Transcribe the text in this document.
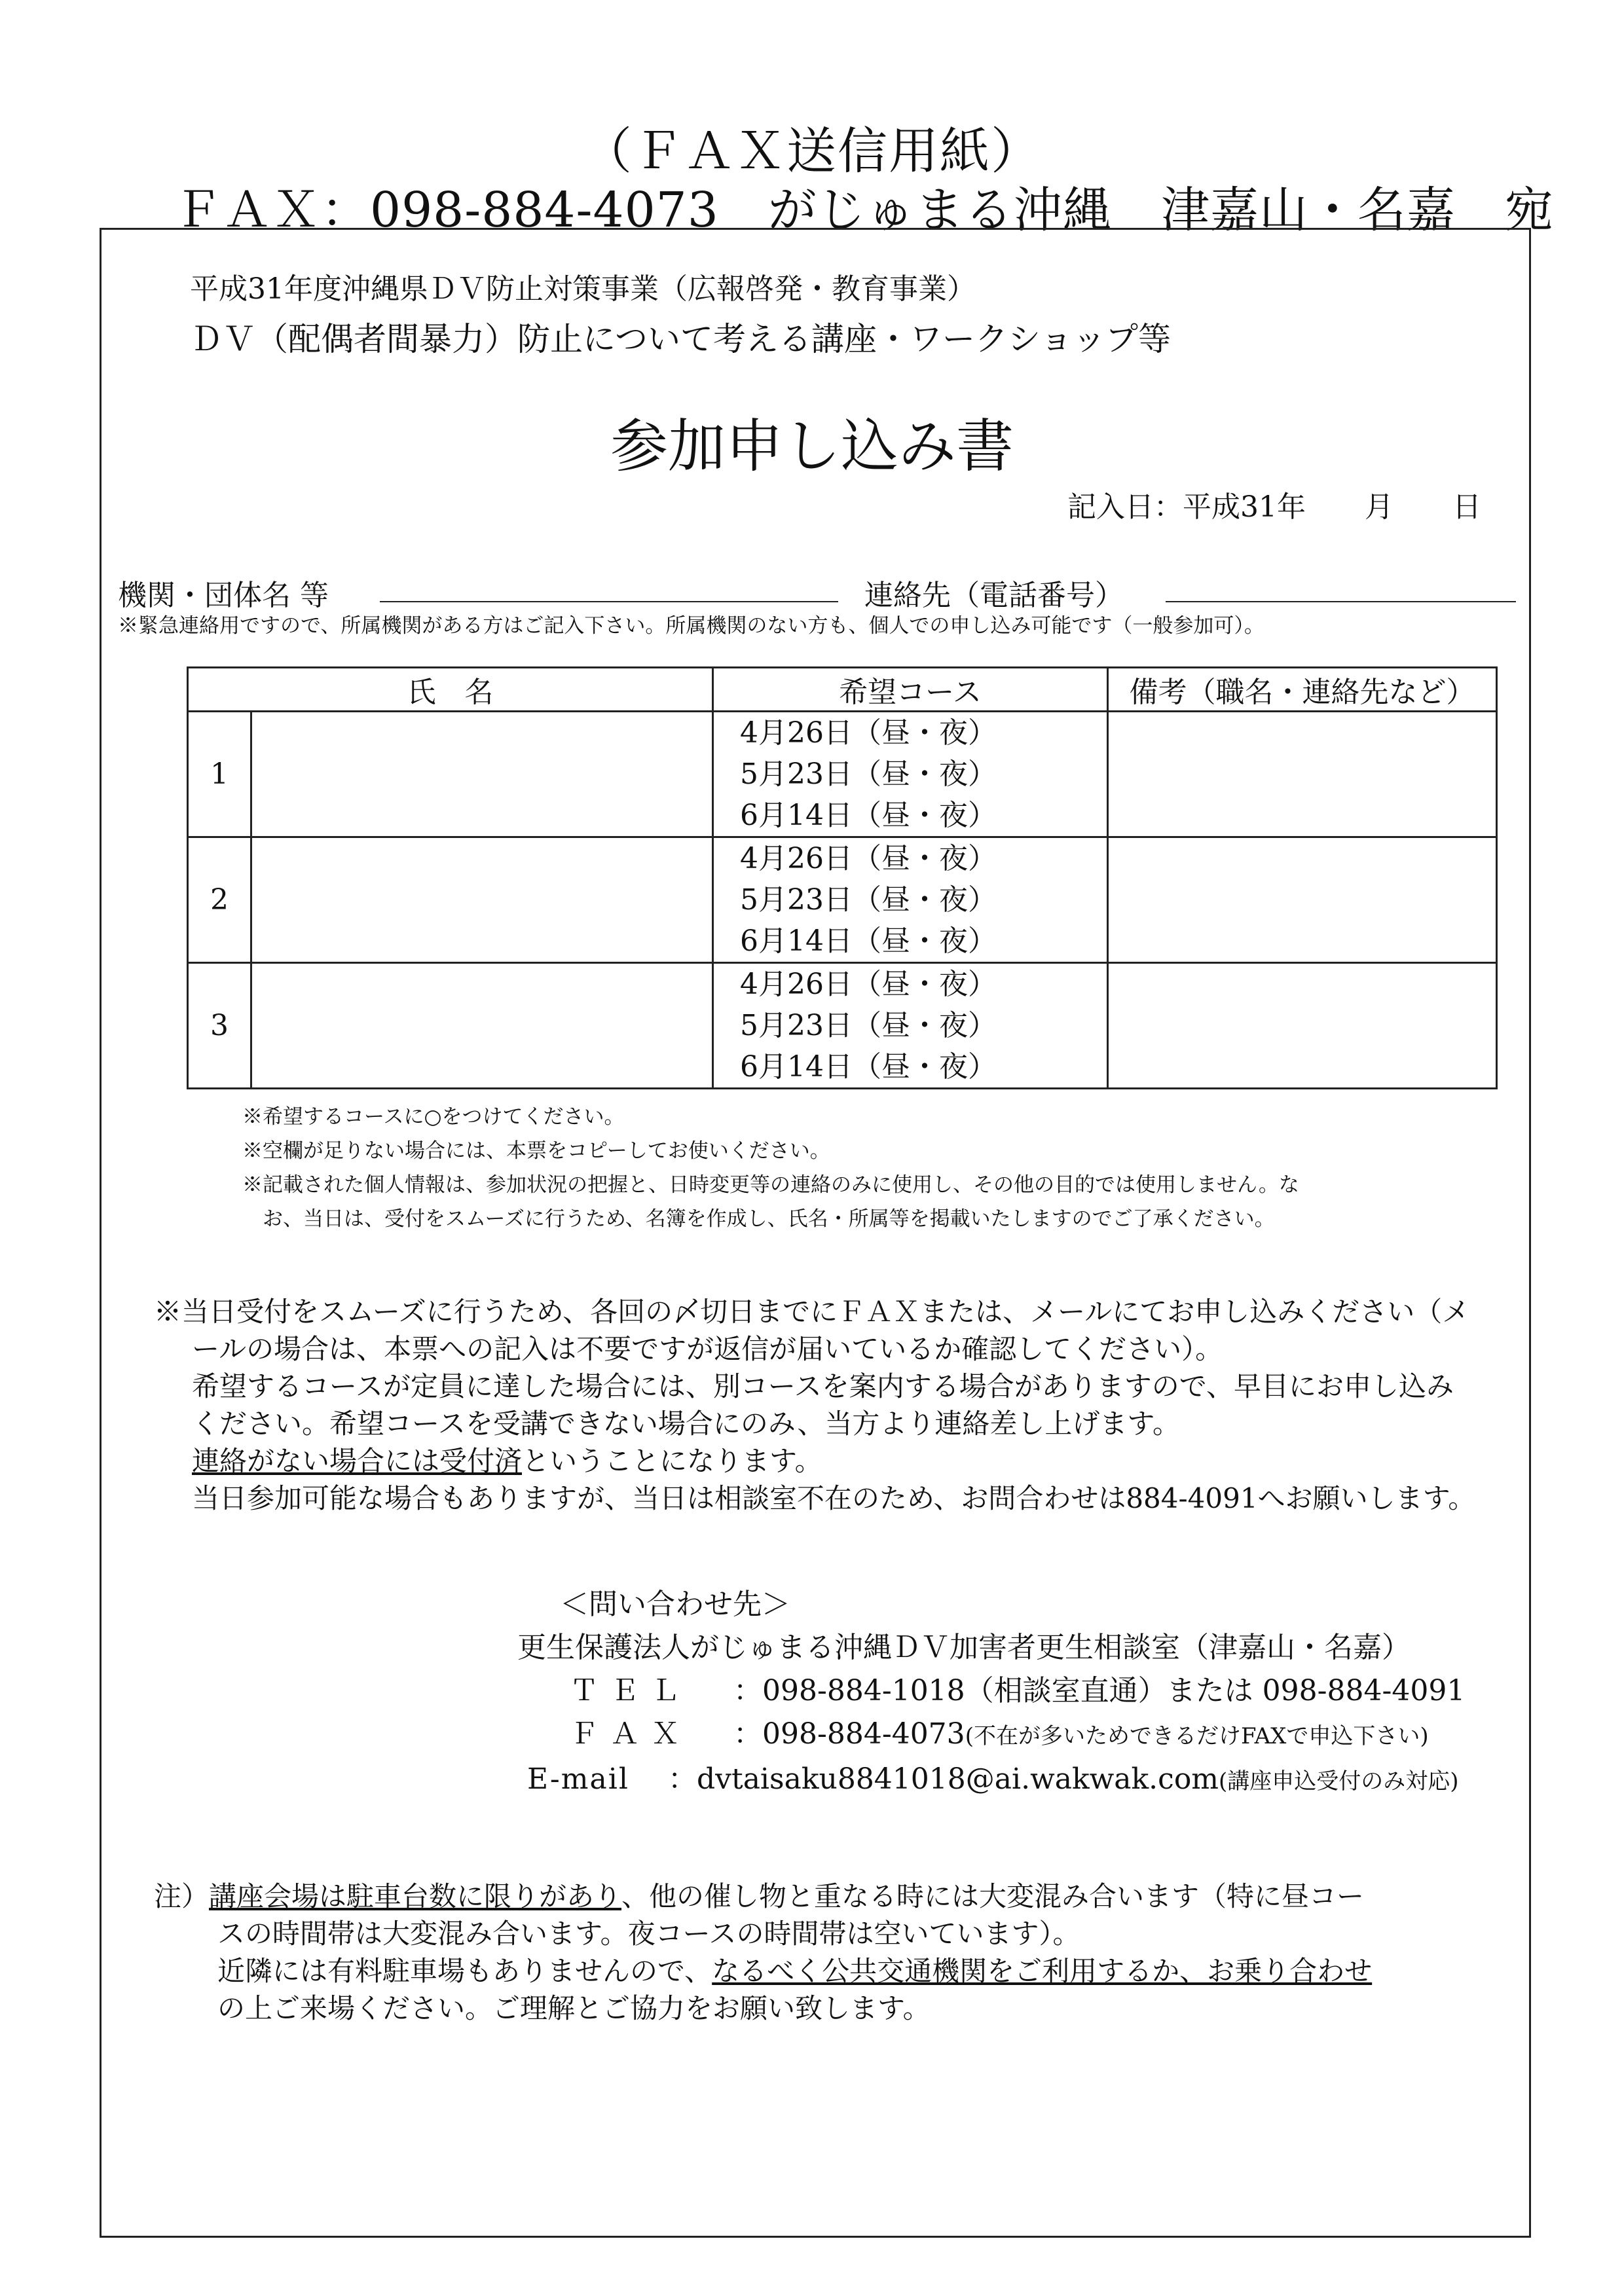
（ＦＡＸ送信用紙）
ＦＡＸ：098-884-4073　がじゅまる沖縄　津嘉山・名嘉　宛
平成31年度沖縄県ＤＶ防止対策事業（広報啓発・教育事業）
ＤＶ（配偶者間暴力）防止について考える講座・ワークショップ等
参加申し込み書
記入日：平成31年 月 日
機関・団体名 等	連絡先（電話番号）
※緊急連絡用ですので、所属機関がある方はご記入下さい。所属機関のない方も、個人での申し込み可能です（一般参加可）。
氏　名		希望コース	備考（職名・連絡先など）
1		4月26日（昼・夜）
5月23日（昼・夜）
6月14日（昼・夜）	

2		4月26日（昼・夜）
5月23日（昼・夜）
6月14日（昼・夜）	

3		4月26日（昼・夜）
5月23日（昼・夜）
6月14日（昼・夜）	

※希望するコースに○をつけてください。
※空欄が足りない場合には、本票をコピーしてお使いください。
※記載された個人情報は、参加状況の把握と、日時変更等の連絡のみに使用し、その他の目的では使用しません。な
　お、当日は、受付をスムーズに行うため、名簿を作成し、氏名・所属等を掲載いたしますのでご了承ください。
※当日受付をスムーズに行うため、各回の〆切日までにＦＡＸまたは、メールにてお申し込みください（メ
ールの場合は、本票への記入は不要ですが返信が届いているか確認してください）。
希望するコースが定員に達した場合には、別コースを案内する場合がありますので、早目にお申し込み
ください。希望コースを受講できない場合にのみ、当方より連絡差し上げます。
連絡がない場合には受付済ということになります。
当日参加可能な場合もありますが、当日は相談室不在のため、お問合わせは884-4091へお願いします。
＜問い合わせ先＞
更生保護法人がじゅまる沖縄ＤＶ加害者更生相談室（津嘉山・名嘉）
ＴＥＬ ：098-884-1018（相談室直通）または 098-884-4091
ＦＡＸ ：098-884-4073(不在が多いためできるだけFAXで申込下さい)
E-mail ：dvtaisaku8841018@ai.wakwak.com(講座申込受付のみ対応)
注）講座会場は駐車台数に限りがあり、他の催し物と重なる時には大変混み合います（特に昼コー
スの時間帯は大変混み合います。夜コースの時間帯は空いています）。
近隣には有料駐車場もありませんので、なるべく公共交通機関をご利用するか、お乗り合わせ
の上ご来場ください。ご理解とご協力をお願い致します。
